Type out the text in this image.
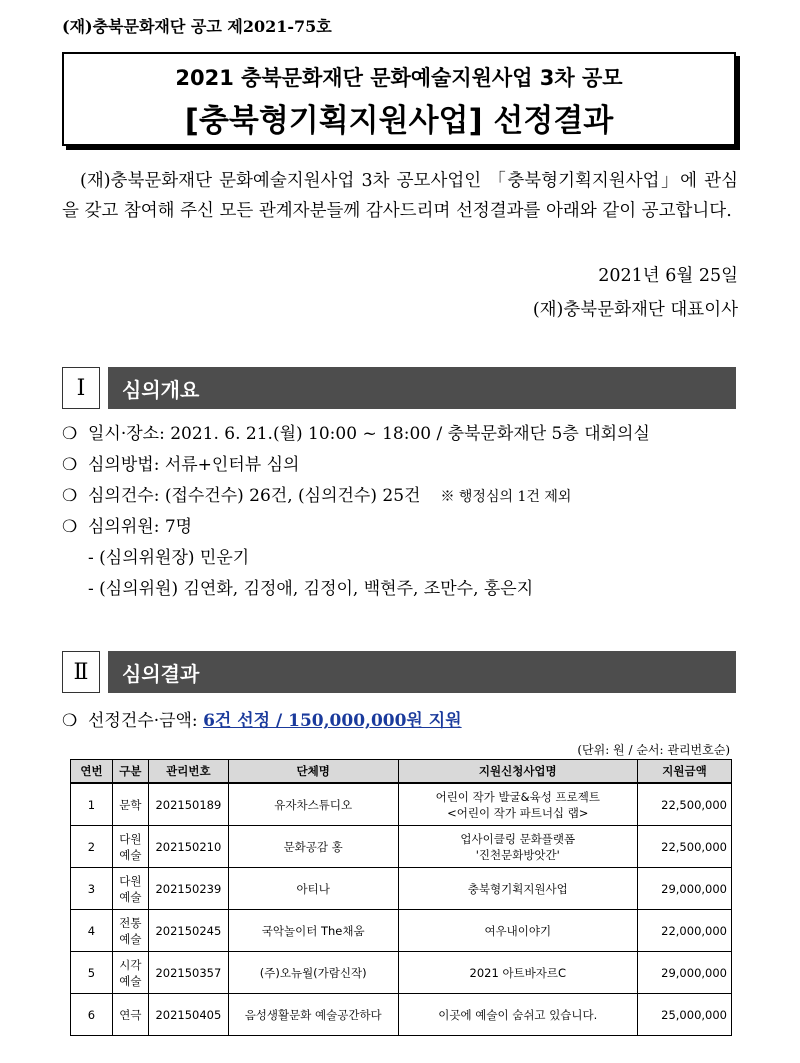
(재)충북문화재단 공고 제2021-75호
2021 충북문화재단 문화예술지원사업 3차 공모
[충북형기획지원사업] 선정결과

(재)충북문화재단 문화예술지원사업 3차 공모사업인 「충북형기획지원사업」에 관심을 갖고 참여해 주신 모든 관계자분들께 감사드리며 선정결과를 아래와 같이 공고합니다.

2021년 6월 25일
(재)충북문화재단 대표이사
Ⅰ	심의개요
❍ 일시·장소: 2021. 6. 21.(월) 10:00 ~ 18:00 / 충북문화재단 5층 대회의실
❍ 심의방법: 서류+인터뷰 심의
❍ 심의건수: (접수건수) 26건, (심의건수) 25건 ※ 행정심의 1건 제외
❍ 심의위원: 7명
- (심의위원장) 민운기
- (심의위원) 김연화, 김정애, 김정이, 백현주, 조만수, 홍은지
Ⅱ	심의결과
❍ 선정건수·금액: 6건 선정 / 150,000,000원 지원
(단위: 원 / 순서: 관리번호순)
연번	구분	관리번호	단체명	지원신청사업명	지원금액
1	문학	202150189	유자차스튜디오	어린이 작가 발굴&육성 프로젝트
<어린이 작가 파트너십 랩>	22,500,000
2	다원
예술	202150210	문화공감 홍	업사이클링 문화플랫폼
'진천문화방앗간'	22,500,000
3	다원
예술	202150239	아티나	충북형기획지원사업	29,000,000
4	전통
예술	202150245	국악놀이터 The채움	여우내이야기	22,000,000
5	시각
예술	202150357	(주)오뉴월(가람신작)	2021 아트바자르C	29,000,000
6	연극	202150405	음성생활문화 예술공간하다	이곳에 예술이 숨쉬고 있습니다.	25,000,000
